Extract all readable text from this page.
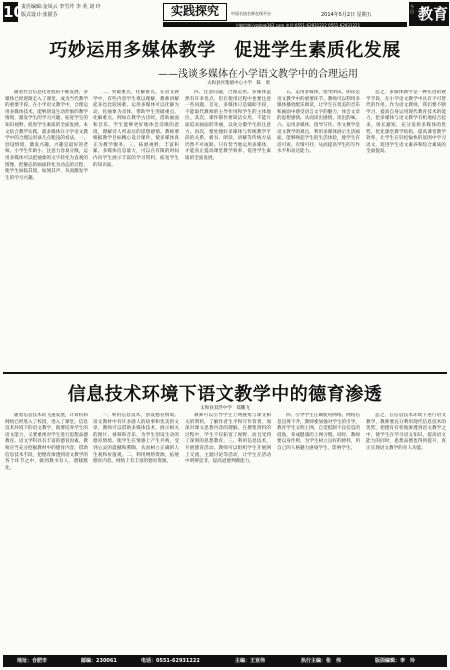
10
责任编辑:金凤云 李雪芹 李 英 刘 玲
版式设计:张银芬	实践探究	中国名校名师在线平台	2014年5月2日 星期五
主编信箱:jyzxb@163.com 电话:0551-62931222 0551-62931221
今日 教育
巧妙运用多媒体教学　促进学生素质化发展
——浅谈多媒体在小学语文教学中的合理运用
太和县宫集镇中心小学　陈　勇

随着社会信息化进程的不断发展，多媒体已经逐渐走入了课堂，成为当代教学的重要手段。在小学语文教学中，合理运用多媒体技术，能够创设生动形象的教学情境，激发学生的学习兴趣，拓宽学生的知识视野，促进学生素质的全面发展。本文结合教学实践，就多媒体在小学语文教学中的合理运用谈几点粗浅的看法。一、创设情境，激发兴趣。兴趣是最好的老师。小学生年龄小，注意力容易分散，运用多媒体可以把抽象的文字转化为直观的图像，把静态的画面转化为动态的过程，使学生如临其境，如闻其声，从而激发学生的学习兴趣。

二、突破重点，化解难点。在语文教学中，有些内容学生难以理解，教师讲解起来也比较困难。运用多媒体可以化静为动，化抽象为具体，帮助学生突破重点、化解难点。例如在教学古诗时，借助画面和音乐，学生能够更好地体会诗歌的意境，理解诗人所表达的思想感情。教师要根据教学目标精心设计课件，使多媒体真正为教学服务。三、拓展视野，丰富积累。多媒体信息量大，可以在有限的时间内向学生展示丰富的学习资料，拓宽学生的知识面。

四、注意问题，合理运用。多媒体虽然有许多优点，但在使用过程中也要注意一些问题。首先，多媒体只是辅助手段，不能取代教师的主导作用和学生的主体地位。其次，课件制作要简洁实用，不能片面追求画面的华丽，以免分散学生的注意力。再次，要处理好多媒体与传统教学手段的关系，板书、朗读、讲解等传统方法仍然不可或缺。只有恰当地运用多媒体，才能真正提高课堂教学效率，促进学生素质的全面发展。

五、运用多媒体，指导朗读。朗读是语文教学中的重要环节。教师可以利用多媒体播放配乐朗读，让学生在优美的音乐和画面中感受语言文字的魅力，体会文章的思想感情，从而读出感情、读出韵味。六、运用多媒体，指导写作。作文教学是语文教学的难点，利用多媒体展示生活画面，能够唤起学生的生活体验，使学生有话可说、有情可抒，从而提高学生的写作水平和表达能力。

总之，多媒体教学是一种先进的教学手段，在小学语文教学中具有不可替代的作用。作为语文教师，我们要不断学习，提高自身运用现代教育技术的能力，把多媒体与语文教学有机地结合起来，扬长避短，充分发挥多媒体的优势，优化课堂教学结构，提高课堂教学效率，让学生在轻松愉快的氛围中学习语文，促进学生语文素养和综合素质的全面提高。

信息技术环境下语文教学中的德育渗透
太和县双浮中学　郑鹏飞

随着信息技术的飞速发展，计算机和网络已经进入了校园，进入了课堂。信息技术环境下的语文教学，既要培养学生的语文能力，又要重视对学生进行思想品德教育。语文学科具有丰富的德育因素，教师应当充分挖掘教材中的德育内容，借助信息技术手段，把德育渗透到语文教学的各个环节之中，做到教书育人，潜移默化。

一、利用信息技术，创设德育情境。语文教材中有许多感人的故事和优美的文章，教师可以借助多媒体技术，展示相关的图片、视频和音乐，为学生创设生动的德育情境，使学生在情感上产生共鸣，受到心灵的震撼和熏陶，从而树立正确的人生观和价值观。二、利用网络资源，拓展德育内容。网络上有丰富的德育资源。

教师可以引导学生上网搜集与课文相关的资料，了解作者生平和写作背景，加深对课文思想内容的理解。在搜集资料的过程中，学生不仅拓宽了视野，而且受到了深刻的思想教育。三、利用信息技术，开展德育活动。教师可以组织学生开展网上交流、主题讨论等活动，让学生在活动中明辨是非，提高道德判断能力。

四、引导学生正确使用网络。网络信息良莠不齐，教师要加强对学生的引导，教育学生文明上网，自觉抵制不良信息的侵蚀，养成健康的上网习惯。同时，教师要以身作则，为学生树立良好的榜样，用自己的人格魅力感染学生、影响学生。

总之，在信息技术环境下进行语文教学，教师要充分利用现代信息技术的优势，把德育有机地渗透到语文教学之中，使学生在学习语文知识、提高语文能力的同时，思想品德也得到提升，真正实现语文教学的育人功能。

地址：合肥市	邮编：230061	电话：0551-62931222	主编：王亚伟	执行主编：张　伟	版面编辑：李　玲
